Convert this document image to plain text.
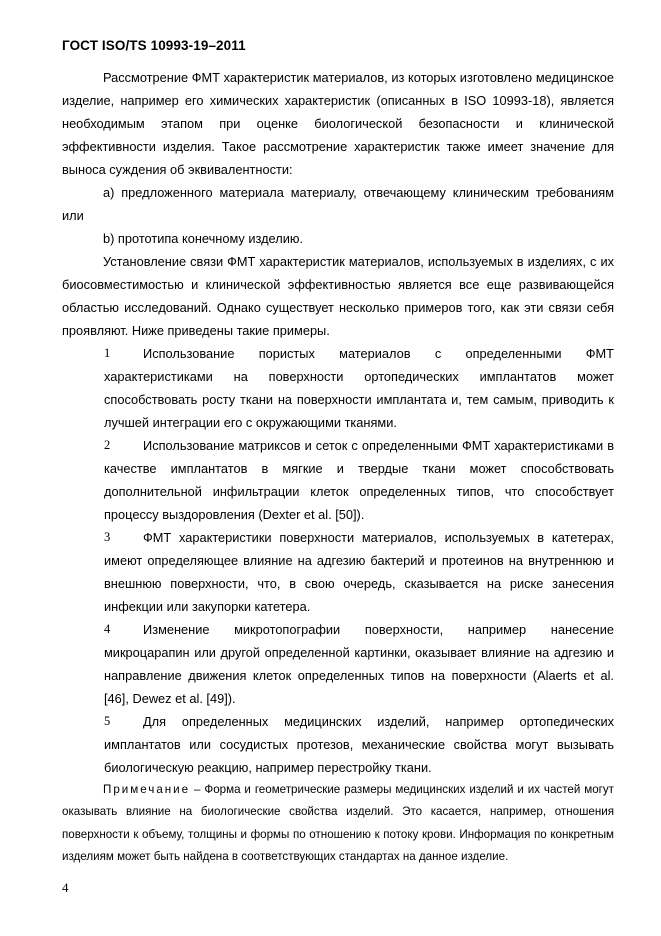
ГОСТ ISO/TS 10993-19–2011

Рассмотрение ФМТ характеристик материалов, из которых изготовлено медицинское изделие, например его химических характеристик (описанных в ISO 10993-18), является необходимым этапом при оценке биологической безопасности и клинической эффективности изделия. Такое рассмотрение характеристик также имеет значение для выноса суждения об эквивалентности:

a) предложенного материала материалу, отвечающему клиническим требованиям или

b) прототипа конечному изделию.

Установление связи ФМТ характеристик материалов, используемых в изделиях, с их биосовместимостью и клинической эффективностью является все еще развивающейся областью исследований. Однако существует несколько примеров того, как эти связи себя проявляют. Ниже приведены такие примеры.

1	Использование пористых материалов с определенными ФМТ характеристиками на поверхности ортопедических имплантатов может способствовать росту ткани на поверхности имплантата и, тем самым, приводить к лучшей интеграции его с окружающими тканями.

2	Использование матриксов и сеток с определенными ФМТ характеристиками в качестве имплантатов в мягкие и твердые ткани может способствовать дополнительной инфильтрации клеток определенных типов, что способствует процессу выздоровления (Dexter et al. [50]).

3	ФМТ характеристики поверхности материалов, используемых в катетерах, имеют определяющее влияние на адгезию бактерий и протеинов на внутреннюю и внешнюю поверхности, что, в свою очередь, сказывается на риске занесения инфекции или закупорки катетера.

4	Изменение микротопографии поверхности, например нанесение микроцарапин или другой определенной картинки, оказывает влияние на адгезию и направление движения клеток определенных типов на поверхности (Alaerts et al. [46], Dewez et al. [49]).

5	Для определенных медицинских изделий, например ортопедических имплантатов или сосудистых протезов, механические свойства могут вызывать биологическую реакцию, например перестройку ткани.

Примечание – Форма и геометрические размеры медицинских изделий и их частей могут оказывать влияние на биологические свойства изделий. Это касается, например, отношения поверхности к объему, толщины и формы по отношению к потоку крови. Информация по конкретным изделиям может быть найдена в соответствующих стандартах на данное изделие.

4
